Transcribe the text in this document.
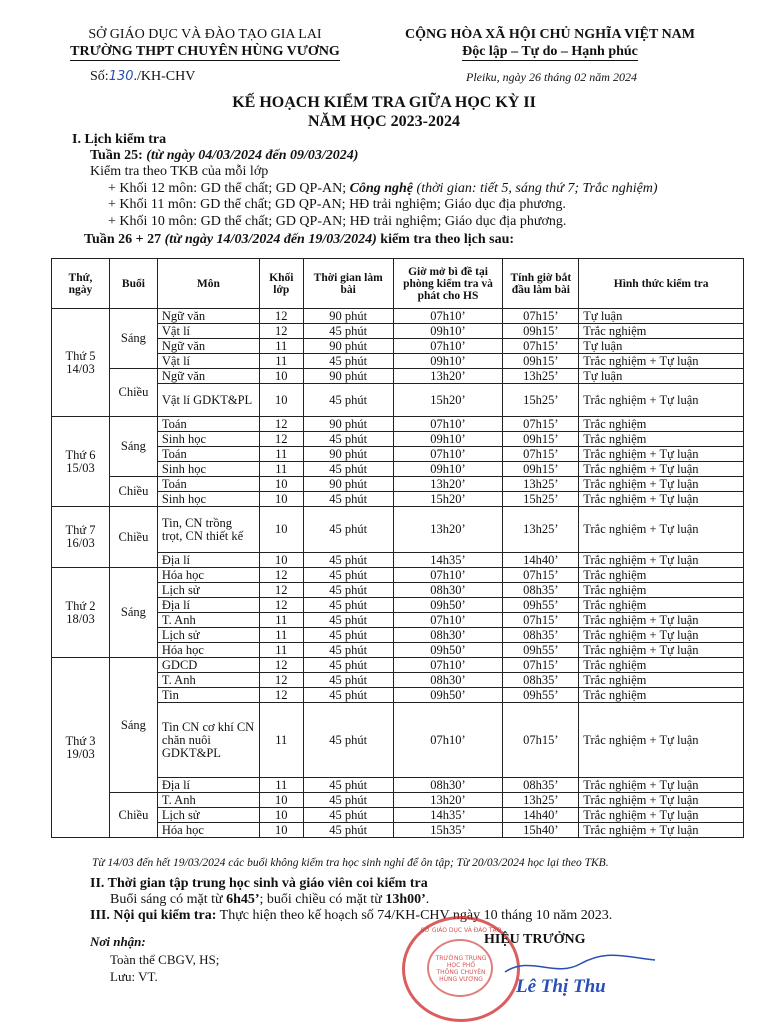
SỞ GIÁO DỤC VÀ ĐÀO TẠO GIA LAI
TRƯỜNG THPT CHUYÊN HÙNG VƯƠNG
Số:130./KH-CHV
CỘNG HÒA XÃ HỘI CHỦ NGHĨA VIỆT NAM
Độc lập – Tự do – Hạnh phúc
Pleiku, ngày 26 tháng 02 năm 2024
KẾ HOẠCH KIỂM TRA GIỮA HỌC KỲ II
NĂM HỌC 2023-2024
I. Lịch kiểm tra
Tuần 25: (từ ngày 04/03/2024 đến 09/03/2024)
Kiểm tra theo TKB của mỗi lớp
+ Khối 12 môn: GD thể chất; GD QP-AN; Công nghệ (thời gian: tiết 5, sáng thứ 7; Trắc nghiệm)
+ Khối 11 môn: GD thể chất; GD QP-AN; HĐ trải nghiệm; Giáo dục địa phương.
+ Khối 10 môn: GD thể chất; GD QP-AN; HĐ trải nghiệm; Giáo dục địa phương.
Tuần 26 + 27 (từ ngày 14/03/2024 đến 19/03/2024) kiểm tra theo lịch sau:
Thứ, ngày	Buổi	Môn	Khối lớp	Thời gian làm bài	Giờ mở bì đề tại phòng kiểm tra và phát cho HS	Tính giờ bắt đầu làm bài	Hình thức kiểm tra
Thứ 5 14/03	Sáng	Ngữ văn	12	90 phút	07h10’	07h15’	Tự luận
		Vật lí	12	45 phút	09h10’	09h15’	Trắc nghiệm
		Ngữ văn	11	90 phút	07h10’	07h15’	Tự luận
		Vật lí	11	45 phút	09h10’	09h15’	Trắc nghiệm + Tự luận
	Chiều	Ngữ văn	10	90 phút	13h20’	13h25’	Tự luận
		Vật lí GDKT&PL	10	45 phút	15h20’	15h25’	Trắc nghiệm + Tự luận
Thứ 6 15/03	Sáng	Toán	12	90 phút	07h10’	07h15’	Trắc nghiệm
		Sinh học	12	45 phút	09h10’	09h15’	Trắc nghiệm
		Toán	11	90 phút	07h10’	07h15’	Trắc nghiệm + Tự luận
		Sinh học	11	45 phút	09h10’	09h15’	Trắc nghiệm + Tự luận
	Chiều	Toán	10	90 phút	13h20’	13h25’	Trắc nghiệm + Tự luận
		Sinh học	10	45 phút	15h20’	15h25’	Trắc nghiệm + Tự luận
Thứ 7 16/03	Chiều	Tin, CN trồng trọt, CN thiết kế	10	45 phút	13h20’	13h25’	Trắc nghiệm + Tự luận
		Địa lí	10	45 phút	14h35’	14h40’	Trắc nghiệm + Tự luận
Thứ 2 18/03	Sáng	Hóa học	12	45 phút	07h10’	07h15’	Trắc nghiệm
		Lịch sử	12	45 phút	08h30’	08h35’	Trắc nghiệm
		Địa lí	12	45 phút	09h50’	09h55’	Trắc nghiệm
		T. Anh	11	45 phút	07h10’	07h15’	Trắc nghiệm + Tự luận
		Lịch sử	11	45 phút	08h30’	08h35’	Trắc nghiệm + Tự luận
		Hóa học	11	45 phút	09h50’	09h55’	Trắc nghiệm + Tự luận
Thứ 3 19/03	Sáng	GDCD	12	45 phút	07h10’	07h15’	Trắc nghiệm
		T. Anh	12	45 phút	08h30’	08h35’	Trắc nghiệm
		Tin	12	45 phút	09h50’	09h55’	Trắc nghiệm
		Tin CN cơ khí CN chăn nuôi GDKT&PL	11	45 phút	07h10’	07h15’	Trắc nghiệm + Tự luận
		Địa lí	11	45 phút	08h30’	08h35’	Trắc nghiệm + Tự luận
	Chiều	T. Anh	10	45 phút	13h20’	13h25’	Trắc nghiệm + Tự luận
		Lịch sử	10	45 phút	14h35’	14h40’	Trắc nghiệm + Tự luận
		Hóa học	10	45 phút	15h35’	15h40’	Trắc nghiệm + Tự luận
Từ 14/03 đến hết 19/03/2024 các buổi không kiểm tra học sinh nghỉ để ôn tập; Từ 20/03/2024 học lại theo TKB.
II. Thời gian tập trung học sinh và giáo viên coi kiểm tra
Buổi sáng có mặt từ 6h45’; buổi chiều có mặt từ 13h00’.
III. Nội qui kiểm tra: Thực hiện theo kế hoạch số 74/KH-CHV ngày 10 tháng 10 năm 2023.
Nơi nhận:
Toàn thể CBGV, HS;
Lưu: VT.
SỞ GIÁO DỤC VÀ ĐÀO TẠO
TRƯỜNG TRUNG HỌC PHỔ THÔNG CHUYÊN HÙNG VƯƠNG
HIỆU TRƯỞNG
Lê Thị Thu
